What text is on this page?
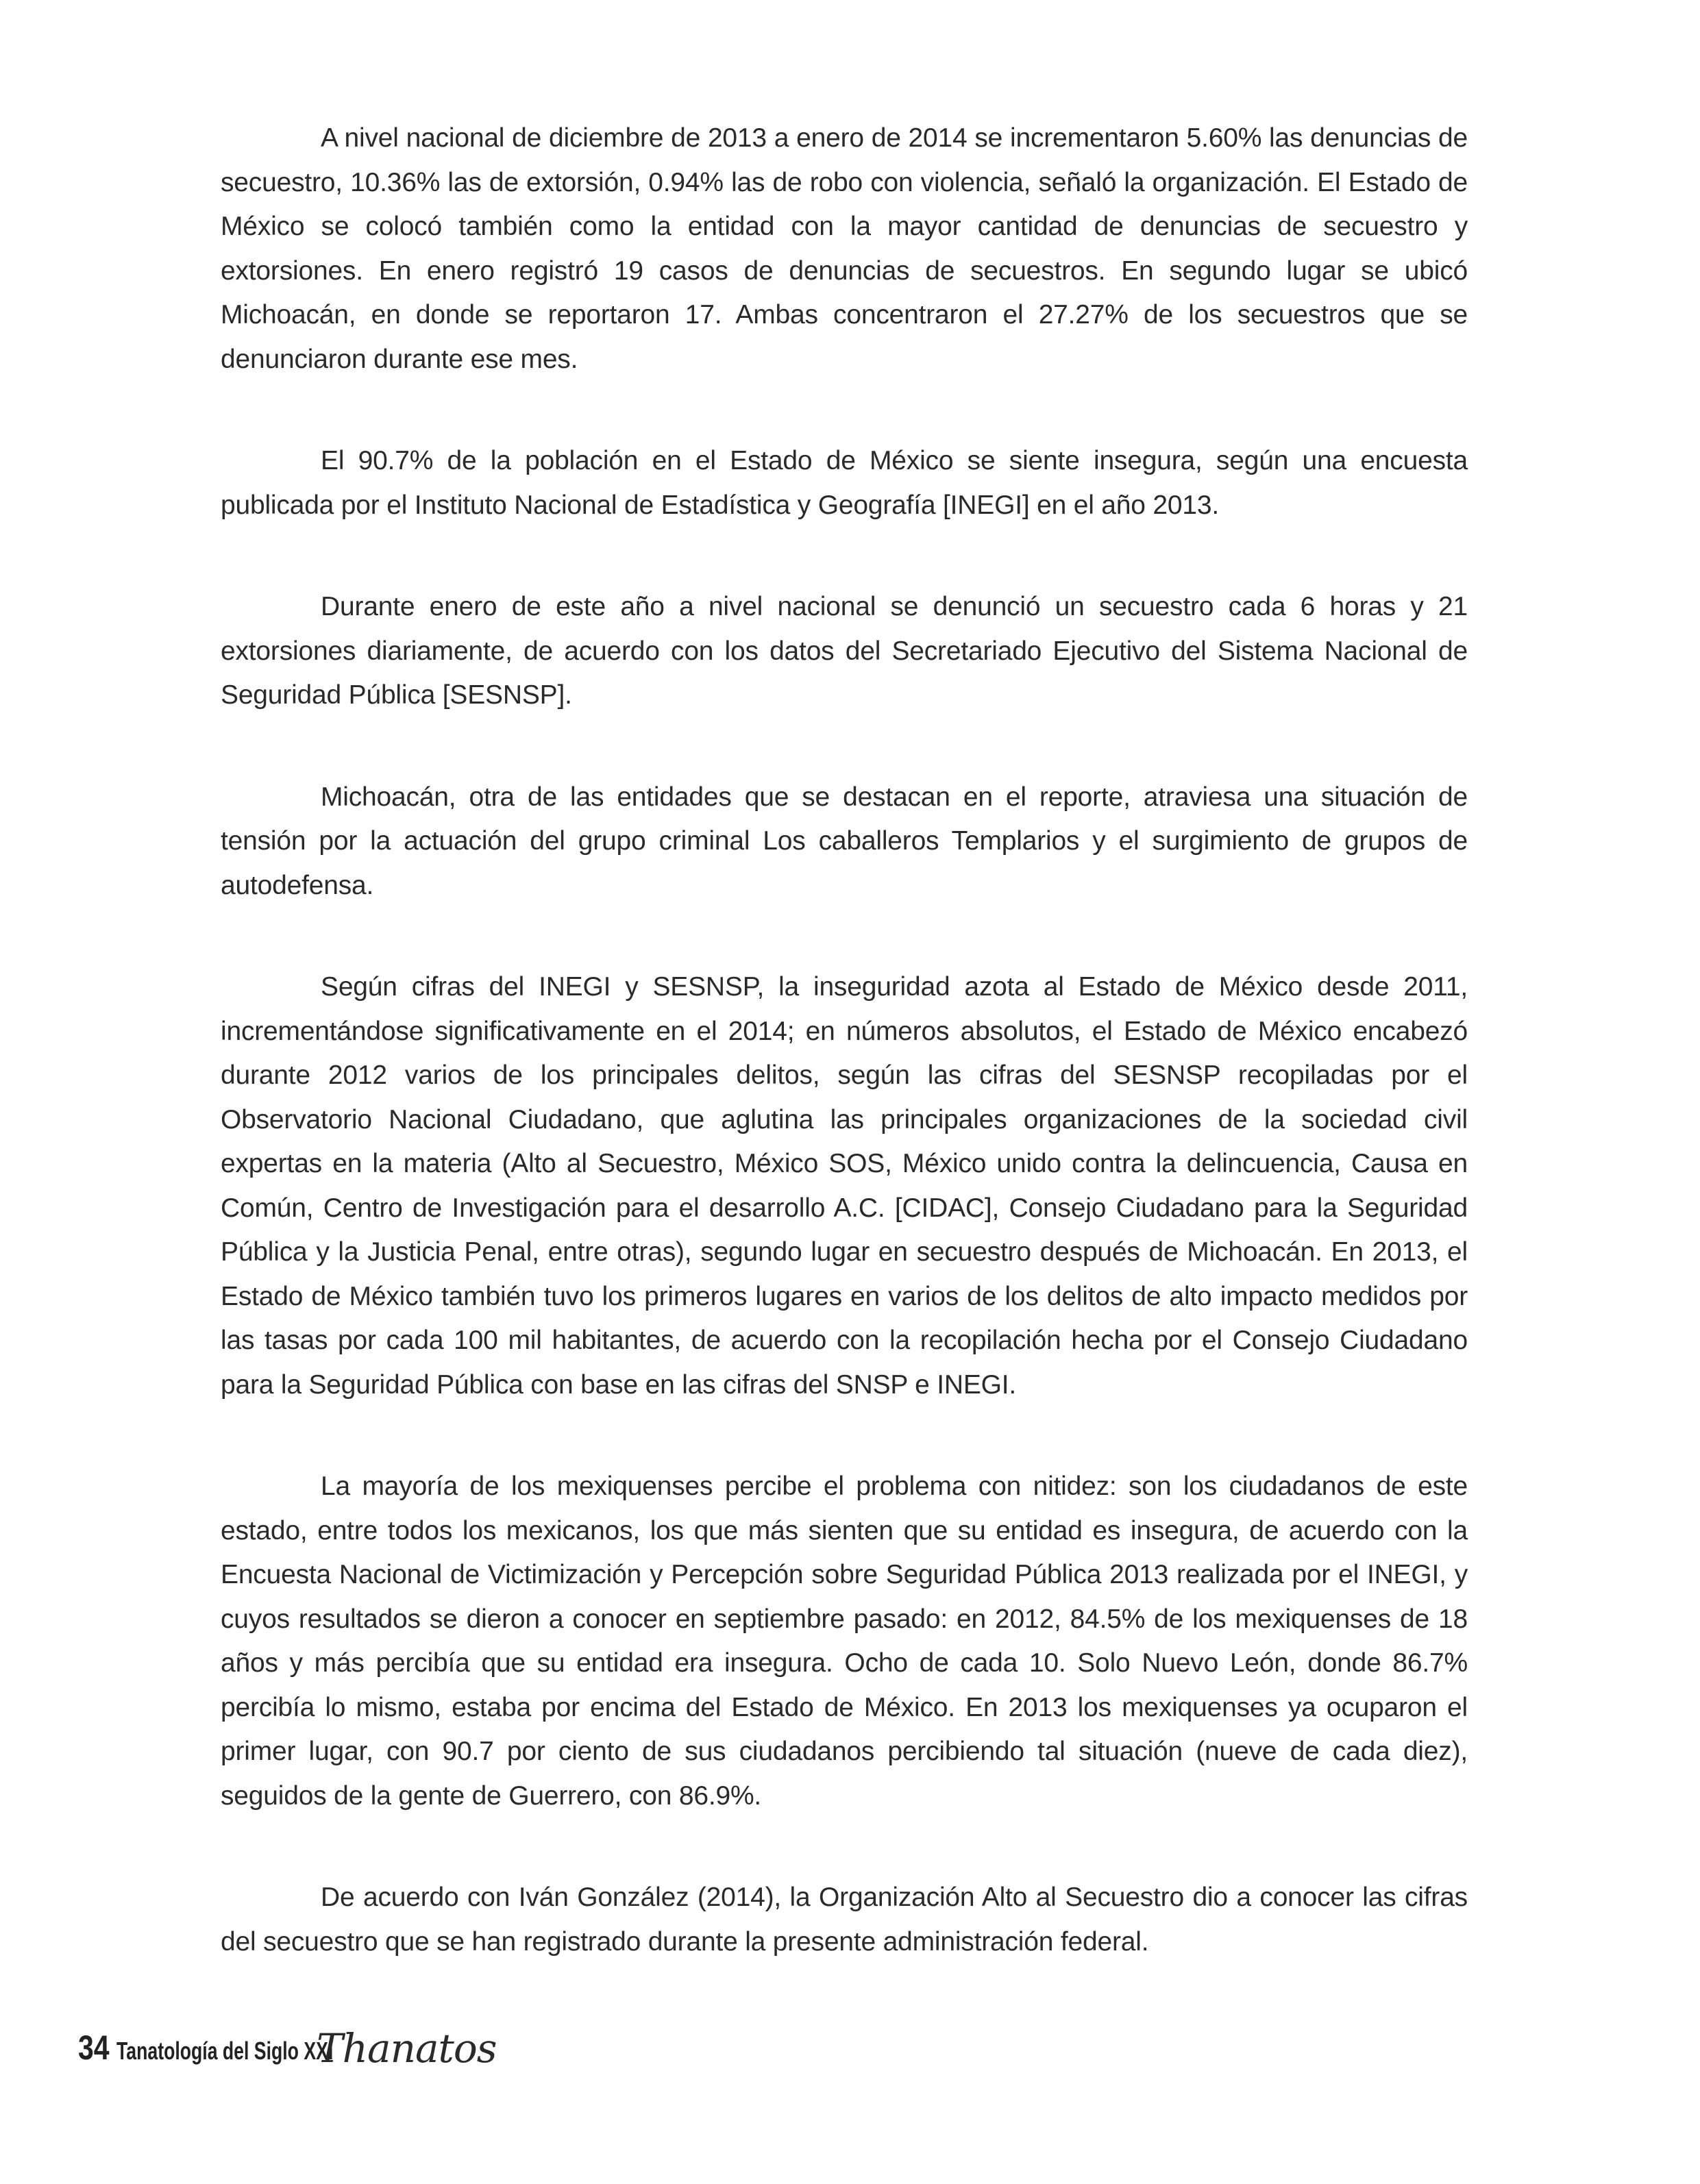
A nivel nacional de diciembre de 2013 a enero de 2014 se incrementaron 5.60% las denuncias de secuestro, 10.36% las de extorsión, 0.94% las de robo con violencia, señaló la organización. El Estado de México se colocó también como la entidad con la mayor cantidad de denuncias de secuestro y extorsiones. En enero registró 19 casos de denuncias de secuestros. En segundo lugar se ubicó Michoacán, en donde se reportaron 17. Ambas concentraron el 27.27% de los secuestros que se denunciaron durante ese mes.

El 90.7% de la población en el Estado de México se siente insegura, según una encuesta publicada por el Instituto Nacional de Estadística y Geografía [INEGI] en el año 2013.

Durante enero de este año a nivel nacional se denunció un secuestro cada 6 horas y 21 extorsiones diariamente, de acuerdo con los datos del Secretariado Ejecutivo del Sistema Nacional de Seguridad Pública [SESNSP].

Michoacán, otra de las entidades que se destacan en el reporte, atraviesa una situación de tensión por la actuación del grupo criminal Los caballeros Templarios y el surgimiento de grupos de autodefensa.

Según cifras del INEGI y SESNSP, la inseguridad azota al Estado de México desde 2011, incrementándose significativamente en el 2014; en números absolutos, el Estado de México encabezó durante 2012 varios de los principales delitos, según las cifras del SESNSP recopiladas por el Observatorio Nacional Ciudadano, que aglutina las principales organizaciones de la sociedad civil expertas en la materia (Alto al Secuestro, México SOS, México unido contra la delincuencia, Causa en Común, Centro de Investigación para el desarrollo A.C. [CIDAC], Consejo Ciudadano para la Seguridad Pública y la Justicia Penal, entre otras), segundo lugar en secuestro después de Michoacán. En 2013, el Estado de México también tuvo los primeros lugares en varios de los delitos de alto impacto medidos por las tasas por cada 100 mil habitantes, de acuerdo con la recopilación hecha por el Consejo Ciudadano para la Seguridad Pública con base en las cifras del SNSP e INEGI.

La mayoría de los mexiquenses percibe el problema con nitidez: son los ciudadanos de este estado, entre todos los mexicanos, los que más sienten que su entidad es insegura, de acuerdo con la Encuesta Nacional de Victimización y Percepción sobre Seguridad Pública 2013 realizada por el INEGI, y cuyos resultados se dieron a conocer en septiembre pasado: en 2012, 84.5% de los mexiquenses de 18 años y más percibía que su entidad era insegura. Ocho de cada 10. Solo Nuevo León, donde 86.7% percibía lo mismo, estaba por encima del Estado de México. En 2013 los mexiquenses ya ocuparon el primer lugar, con 90.7 por ciento de sus ciudadanos percibiendo tal situación (nueve de cada diez), seguidos de la gente de Guerrero, con 86.9%.

De acuerdo con Iván González (2014), la Organización Alto al Secuestro dio a conocer las cifras del secuestro que se han registrado durante la presente administración federal.

34 Tanatología del Siglo XXI
Thanatos
